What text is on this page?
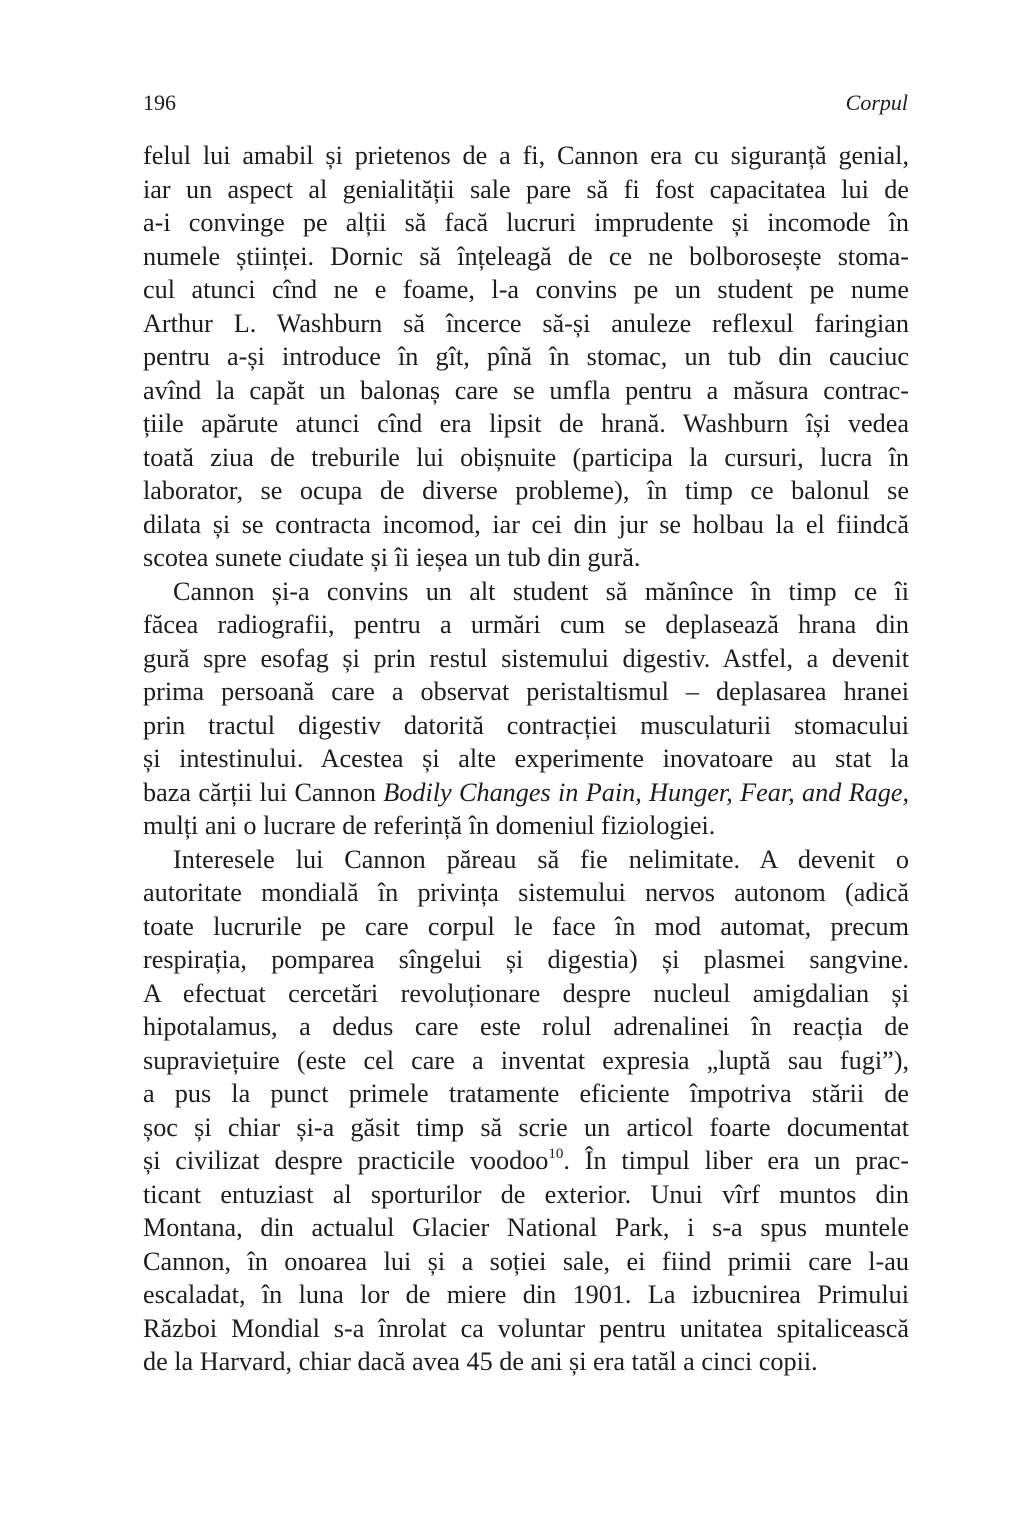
196	Corpul
felul lui amabil și prietenos de a fi, Cannon era cu siguranță genial,
iar un aspect al genialității sale pare să fi fost capacitatea lui de
a-i convinge pe alții să facă lucruri imprudente și incomode în
numele științei. Dornic să înțeleagă de ce ne bolborosește stoma-
cul atunci cînd ne e foame, l-a convins pe un student pe nume
Arthur L. Washburn să încerce să-și anuleze reflexul faringian
pentru a-și introduce în gît, pînă în stomac, un tub din cauciuc
avînd la capăt un balonaș care se umfla pentru a măsura contrac-
țiile apărute atunci cînd era lipsit de hrană. Washburn își vedea
toată ziua de treburile lui obișnuite (participa la cursuri, lucra în
laborator, se ocupa de diverse probleme), în timp ce balonul se
dilata și se contracta incomod, iar cei din jur se holbau la el fiindcă
scotea sunete ciudate și îi ieșea un tub din gură.
Cannon și-a convins un alt student să mănînce în timp ce îi
făcea radiografii, pentru a urmări cum se deplasează hrana din
gură spre esofag și prin restul sistemului digestiv. Astfel, a devenit
prima persoană care a observat peristaltismul – deplasarea hranei
prin tractul digestiv datorită contracției musculaturii stomacului
și intestinului. Acestea și alte experimente inovatoare au stat la
baza cărții lui Cannon Bodily Changes in Pain, Hunger, Fear, and Rage,
mulți ani o lucrare de referință în domeniul fiziologiei.
Interesele lui Cannon păreau să fie nelimitate. A devenit o
autoritate mondială în privința sistemului nervos autonom (adică
toate lucrurile pe care corpul le face în mod automat, precum
respirația, pomparea sîngelui și digestia) și plasmei sangvine.
A efectuat cercetări revoluționare despre nucleul amigdalian și
hipotalamus, a dedus care este rolul adrenalinei în reacția de
supraviețuire (este cel care a inventat expresia „luptă sau fugi”),
a pus la punct primele tratamente eficiente împotriva stării de
șoc și chiar și-a găsit timp să scrie un articol foarte documentat
și civilizat despre practicile voodoo$^{10}$. În timpul liber era un prac-
ticant entuziast al sporturilor de exterior. Unui vîrf muntos din
Montana, din actualul Glacier National Park, i s-a spus muntele
Cannon, în onoarea lui și a soției sale, ei fiind primii care l-au
escaladat, în luna lor de miere din 1901. La izbucnirea Primului
Război Mondial s-a înrolat ca voluntar pentru unitatea spitalicească
de la Harvard, chiar dacă avea 45 de ani și era tatăl a cinci copii.
